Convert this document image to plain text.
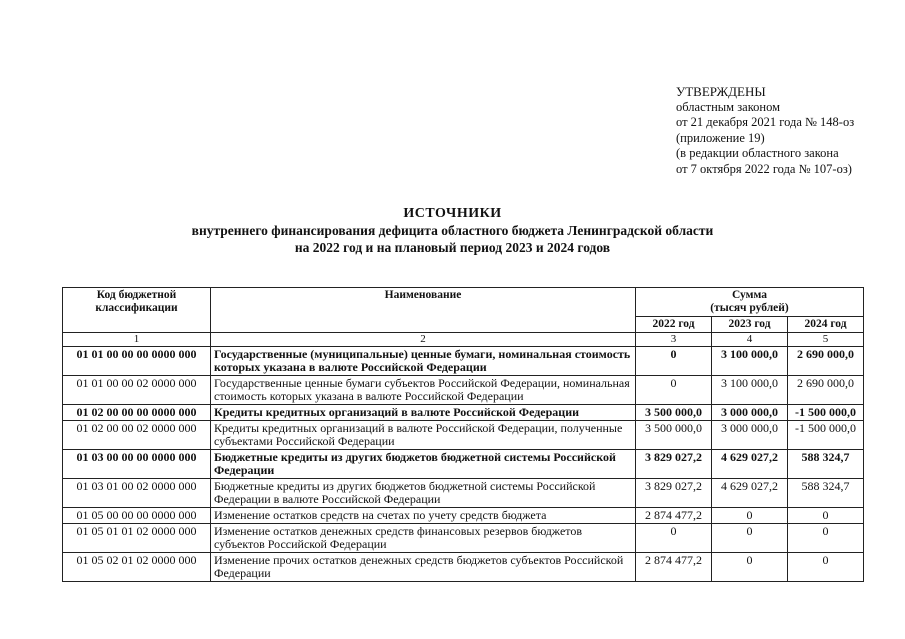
УТВЕРЖДЕНЫ
областным законом
от 21 декабря 2021 года № 148-оз
(приложение 19)
(в редакции областного закона
от 7 октября 2022 года № 107-оз)
ИСТОЧНИКИ
внутреннего финансирования дефицита областного бюджета Ленинградской области
на 2022 год и на плановый период 2023 и 2024 годов
Код бюджетной классификации	Наименование	Сумма
(тысяч рублей)		

		2022 год	2023 год	2024 год
1	2	3	4	5
01 01 00 00 00 0000 000	Государственные (муниципальные) ценные бумаги, номинальная стоимость которых указана в валюте Российской Федерации	0	3 100 000,0	2 690 000,0
01 01 00 00 02 0000 000	Государственные ценные бумаги субъектов Российской Федерации, номинальная стоимость которых указана в валюте Российской Федерации	0	3 100 000,0	2 690 000,0
01 02 00 00 00 0000 000	Кредиты кредитных организаций в валюте Российской Федерации	3 500 000,0	3 000 000,0	-1 500 000,0
01 02 00 00 02 0000 000	Кредиты кредитных организаций в валюте Российской Федерации, полученные субъектами Российской Федерации	3 500 000,0	3 000 000,0	-1 500 000,0
01 03 00 00 00 0000 000	Бюджетные кредиты из других бюджетов бюджетной системы Российской Федерации	3 829 027,2	4 629 027,2	588 324,7
01 03 01 00 02 0000 000	Бюджетные кредиты из других бюджетов бюджетной системы Российской Федерации в валюте Российской Федерации	3 829 027,2	4 629 027,2	588 324,7
01 05 00 00 00 0000 000	Изменение остатков средств на счетах по учету средств бюджета	2 874 477,2	0	0
01 05 01 01 02 0000 000	Изменение остатков денежных средств финансовых резервов бюджетов субъектов Российской Федерации	0	0	0
01 05 02 01 02 0000 000	Изменение прочих остатков денежных средств бюджетов субъектов Российской Федерации	2 874 477,2	0	0
